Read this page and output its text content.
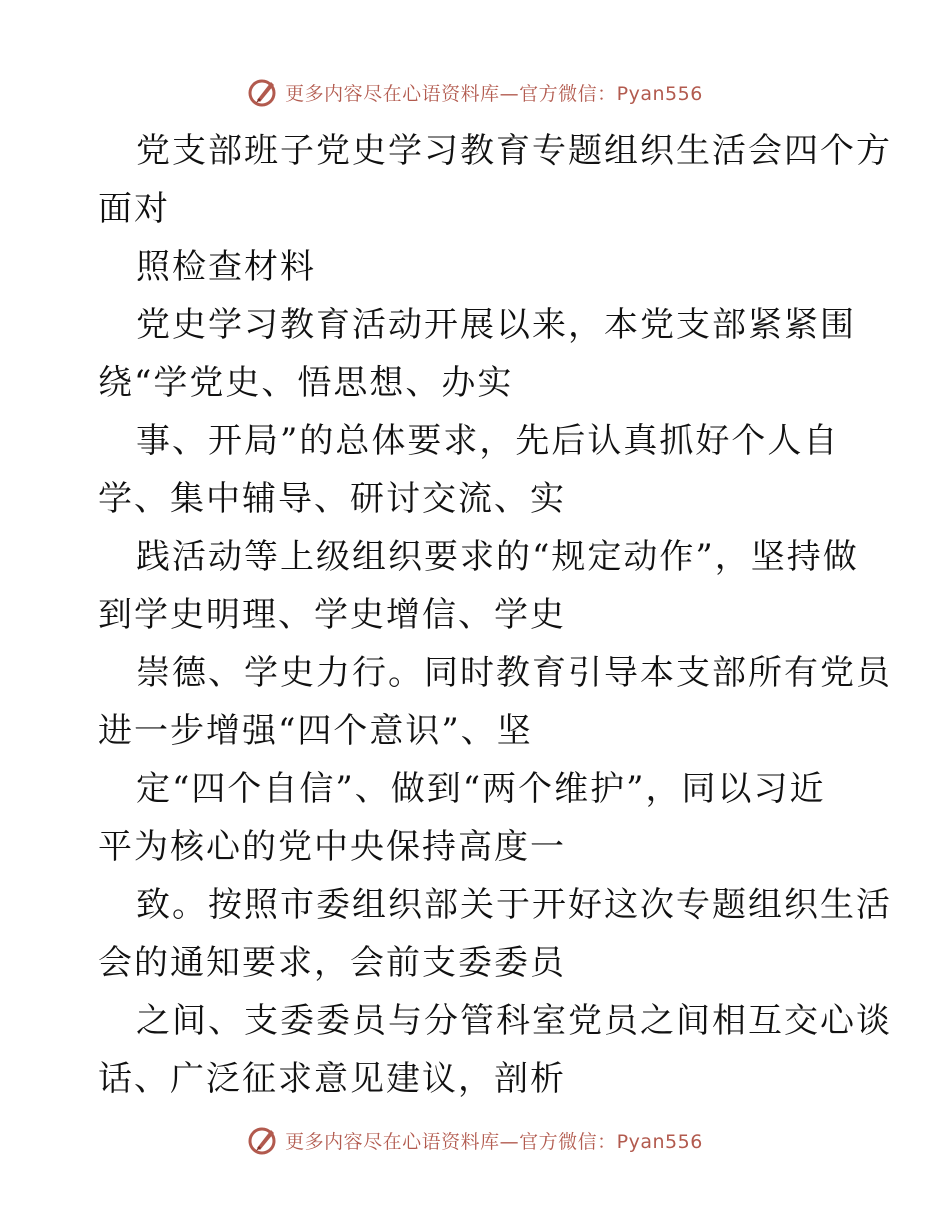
更多内容尽在心语资料库—官方微信：Pyan556
党支部班子党史学习教育专题组织生活会四个方
面对
照检查材料
党史学习教育活动开展以来，本党支部紧紧围
绕“学党史、悟思想、办实
事、开局”的总体要求，先后认真抓好个人自
学、集中辅导、研讨交流、实
践活动等上级组织要求的“规定动作”，坚持做
到学史明理、学史增信、学史
崇德、学史力行。同时教育引导本支部所有党员
进一步增强“四个意识”、坚
定“四个自信”、做到“两个维护”，同以习近
平为核心的党中央保持高度一
致。按照市委组织部关于开好这次专题组织生活
会的通知要求，会前支委委员
之间、支委委员与分管科室党员之间相互交心谈
话、广泛征求意见建议，剖析
更多内容尽在心语资料库—官方微信：Pyan556
